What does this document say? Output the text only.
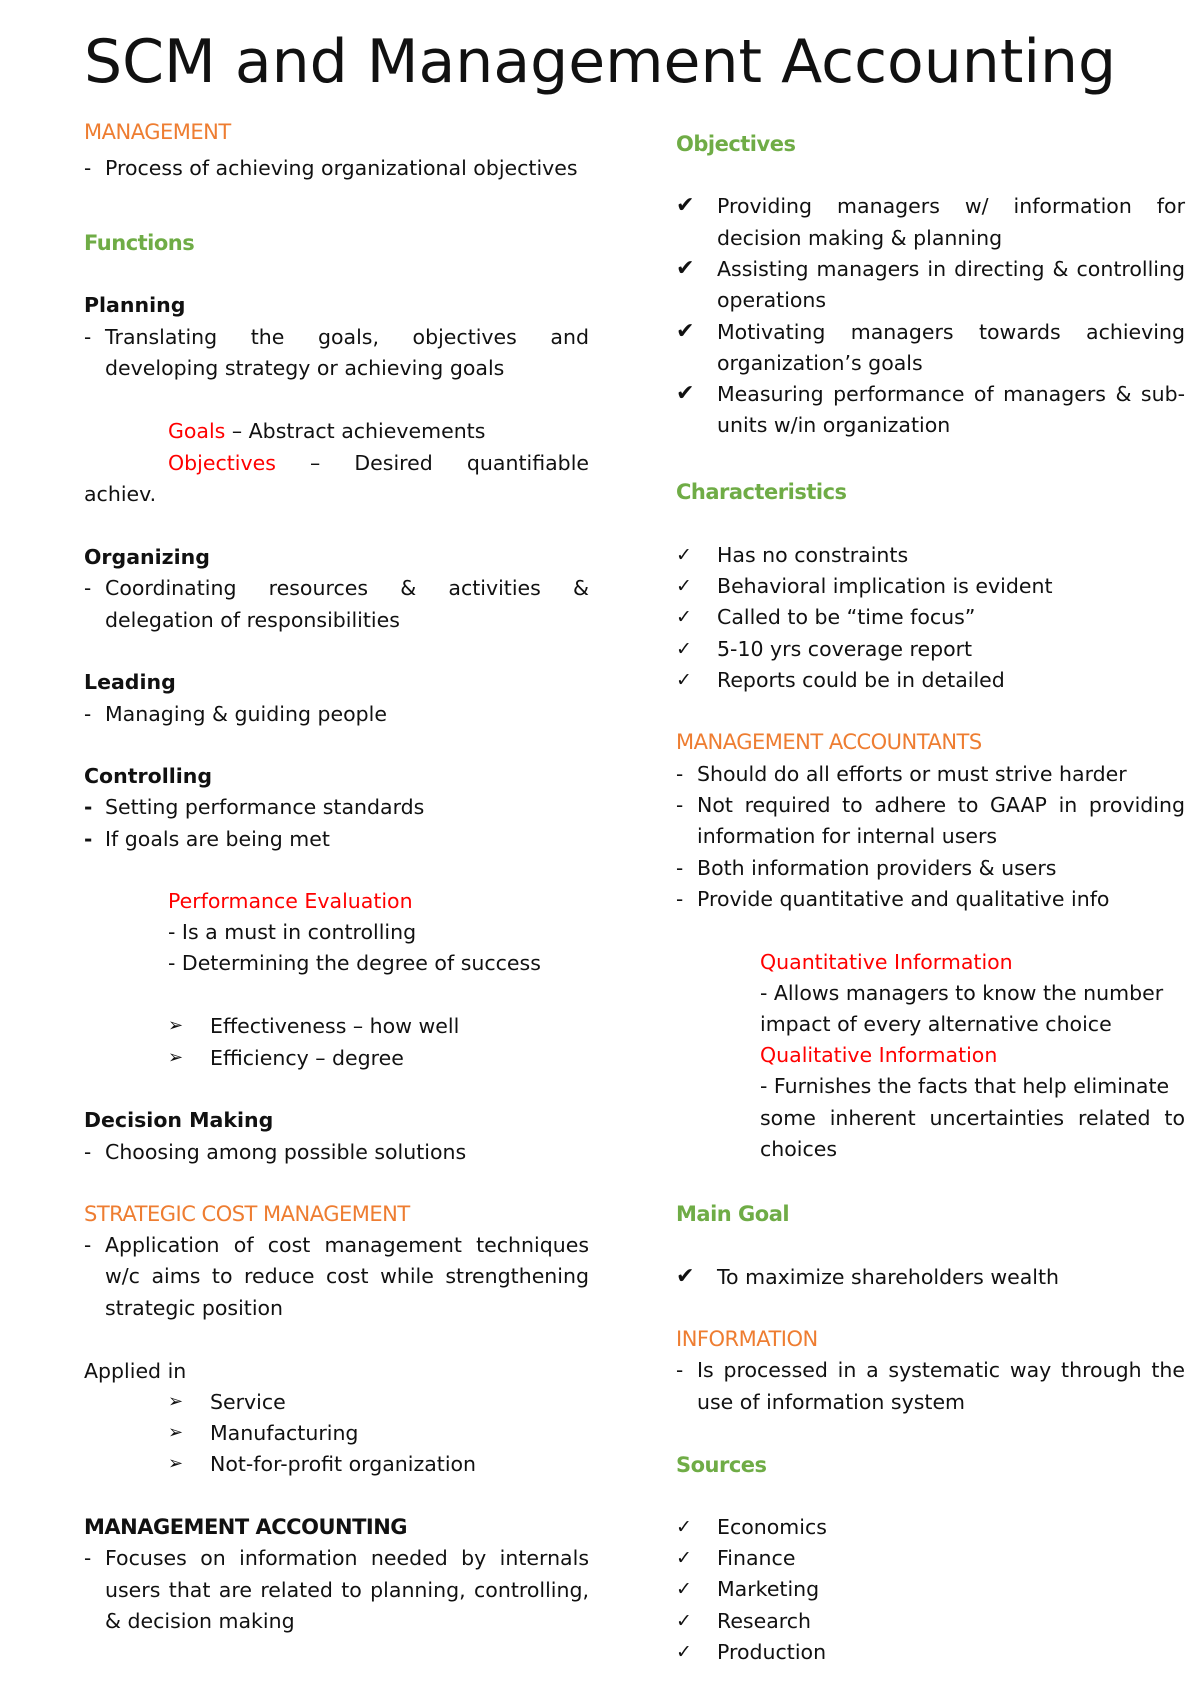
SCM and Management Accounting
MANAGEMENT
- Process of achieving organizational objectives
Functions
Planning
- Translating the goals, objectives and
developing strategy or achieving goals
Goals – Abstract achievements
Objectives – Desired quantifiable
achiev.
Organizing
- Coordinating resources & activities &
delegation of responsibilities
Leading
- Managing & guiding people
Controlling
- Setting performance standards
- If goals are being met
Performance Evaluation
- Is a must in controlling
- Determining the degree of success
➢ Effectiveness – how well
➢ Efficiency – degree
Decision Making
- Choosing among possible solutions
STRATEGIC COST MANAGEMENT
- Application of cost management techniques
w/c aims to reduce cost while strengthening
strategic position
Applied in
➢ Service
➢ Manufacturing
➢ Not-for-profit organization
MANAGEMENT ACCOUNTING
- Focuses on information needed by internals
users that are related to planning, controlling,
& decision making
Objectives
✔ Providing managers w/ information for
decision making & planning
✔ Assisting managers in directing & controlling
operations
✔ Motivating managers towards achieving
organization’s goals
✔ Measuring performance of managers & sub-
units w/in organization
Characteristics
✓ Has no constraints
✓ Behavioral implication is evident
✓ Called to be “time focus”
✓ 5-10 yrs coverage report
✓ Reports could be in detailed
MANAGEMENT ACCOUNTANTS
- Should do all efforts or must strive harder
- Not required to adhere to GAAP in providing
information for internal users
- Both information providers & users
- Provide quantitative and qualitative info
Quantitative Information
- Allows managers to know the number
impact of every alternative choice
Qualitative Information
- Furnishes the facts that help eliminate
some inherent uncertainties related to
choices
Main Goal
✔ To maximize shareholders wealth
INFORMATION
- Is processed in a systematic way through the
use of information system
Sources
✓ Economics
✓ Finance
✓ Marketing
✓ Research
✓ Production
